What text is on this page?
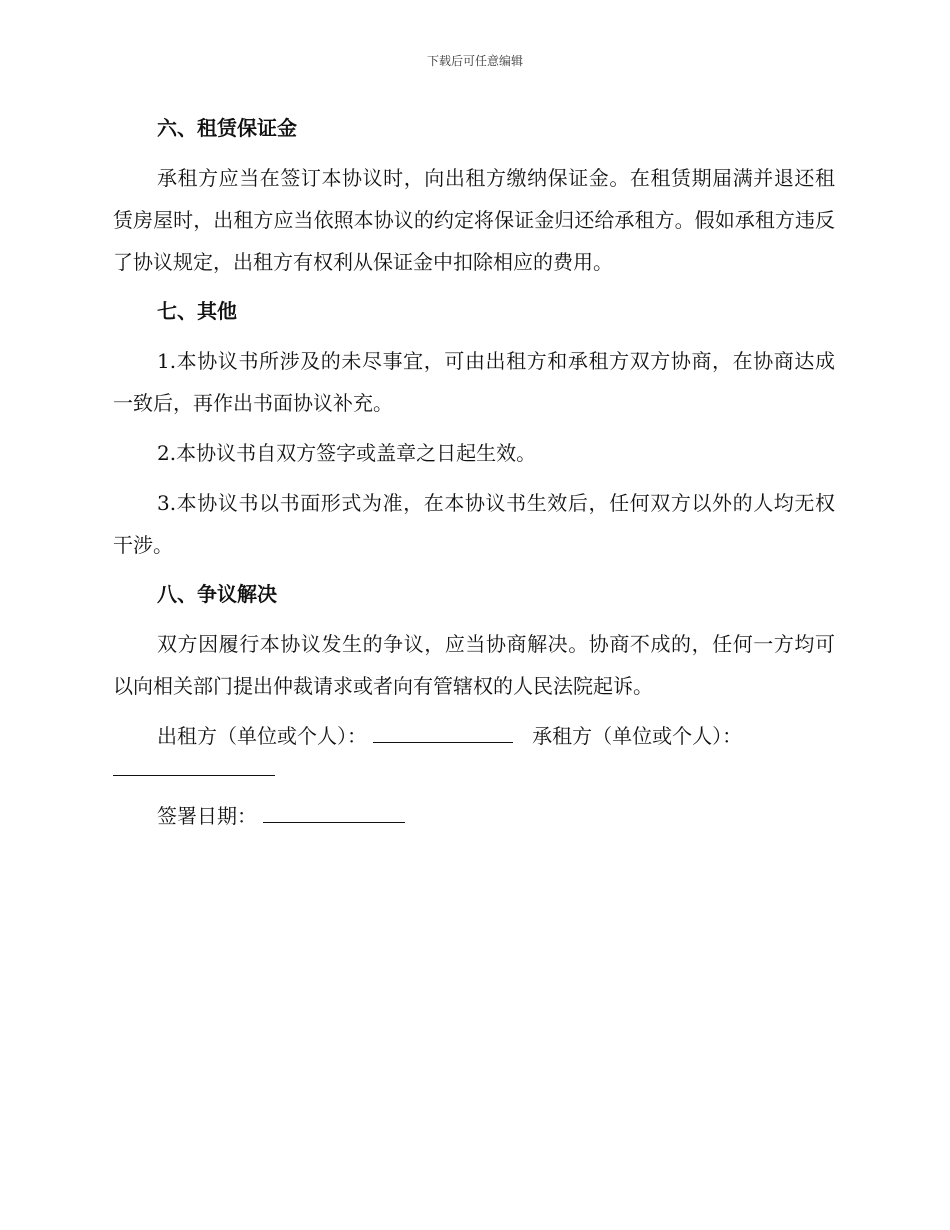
下载后可任意编辑
六、租赁保证金
承租方应当在签订本协议时，向出租方缴纳保证金。在租赁期届满并退还租赁房屋时，出租方应当依照本协议的约定将保证金归还给承租方。假如承租方违反了协议规定，出租方有权利从保证金中扣除相应的费用。
七、其他
1.本协议书所涉及的未尽事宜，可由出租方和承租方双方协商，在协商达成一致后，再作出书面协议补充。
2.本协议书自双方签字或盖章之日起生效。
3.本协议书以书面形式为准，在本协议书生效后，任何双方以外的人均无权干涉。
八、争议解决
双方因履行本协议发生的争议，应当协商解决。协商不成的，任何一方均可以向相关部门提出仲裁请求或者向有管辖权的人民法院起诉。
出租方（单位或个人）：	承租方（单位或个人）：
签署日期：
